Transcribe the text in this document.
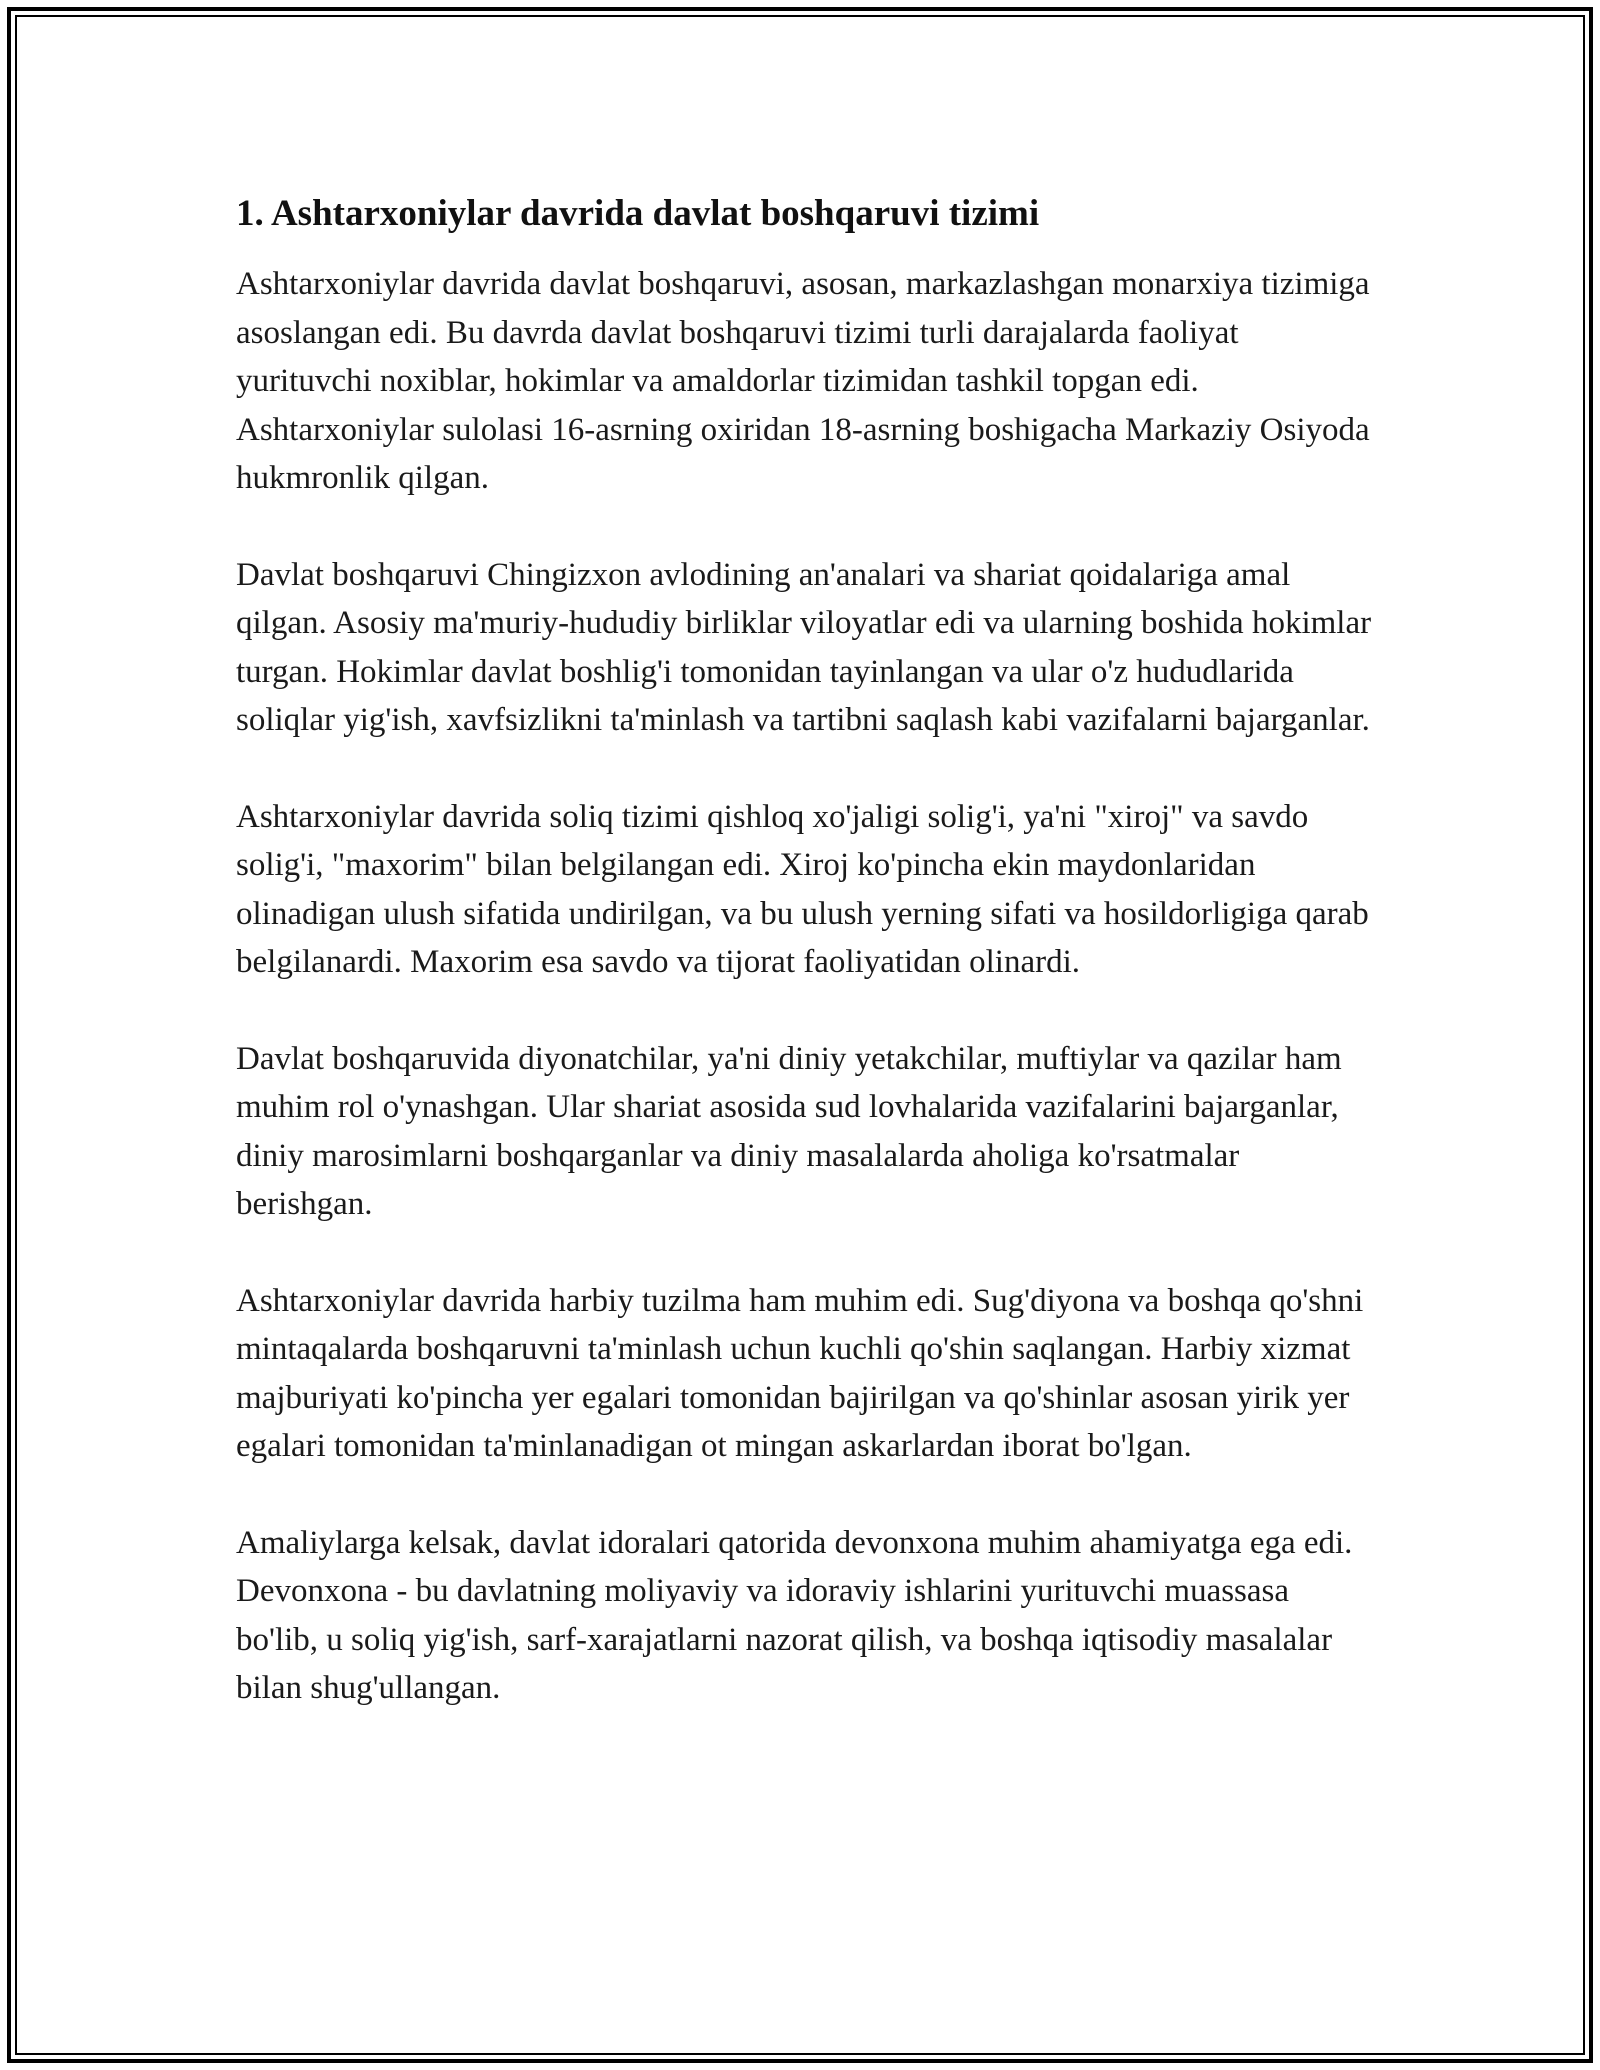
1. Ashtarxoniylar davrida davlat boshqaruvi tizimi

Ashtarxoniylar davrida davlat boshqaruvi, asosan, markazlashgan monarxiya tizimiga asoslangan edi. Bu davrda davlat boshqaruvi tizimi turli darajalarda faoliyat yurituvchi noxiblar, hokimlar va amaldorlar tizimidan tashkil topgan edi. Ashtarxoniylar sulolasi 16-asrning oxiridan 18-asrning boshigacha Markaziy Osiyoda hukmronlik qilgan.

Davlat boshqaruvi Chingizxon avlodining an'analari va shariat qoidalariga amal qilgan. Asosiy ma'muriy-hududiy birliklar viloyatlar edi va ularning boshida hokimlar turgan. Hokimlar davlat boshlig'i tomonidan tayinlangan va ular o'z hududlarida soliqlar yig'ish, xavfsizlikni ta'minlash va tartibni saqlash kabi vazifalarni bajarganlar.

Ashtarxoniylar davrida soliq tizimi qishloq xo'jaligi solig'i, ya'ni "xiroj" va savdo solig'i, "maxorim" bilan belgilangan edi. Xiroj ko'pincha ekin maydonlaridan olinadigan ulush sifatida undirilgan, va bu ulush yerning sifati va hosildorligiga qarab belgilanardi. Maxorim esa savdo va tijorat faoliyatidan olinardi.

Davlat boshqaruvida diyonatchilar, ya'ni diniy yetakchilar, muftiylar va qazilar ham muhim rol o'ynashgan. Ular shariat asosida sud lovhalarida vazifalarini bajarganlar, diniy marosimlarni boshqarganlar va diniy masalalarda aholiga ko'rsatmalar berishgan.

Ashtarxoniylar davrida harbiy tuzilma ham muhim edi. Sug'diyona va boshqa qo'shni mintaqalarda boshqaruvni ta'minlash uchun kuchli qo'shin saqlangan. Harbiy xizmat majburiyati ko'pincha yer egalari tomonidan bajirilgan va qo'shinlar asosan yirik yer egalari tomonidan ta'minlanadigan ot mingan askarlardan iborat bo'lgan.

Amaliylarga kelsak, davlat idoralari qatorida devonxona muhim ahamiyatga ega edi. Devonxona - bu davlatning moliyaviy va idoraviy ishlarini yurituvchi muassasa bo'lib, u soliq yig'ish, sarf-xarajatlarni nazorat qilish, va boshqa iqtisodiy masalalar bilan shug'ullangan.
